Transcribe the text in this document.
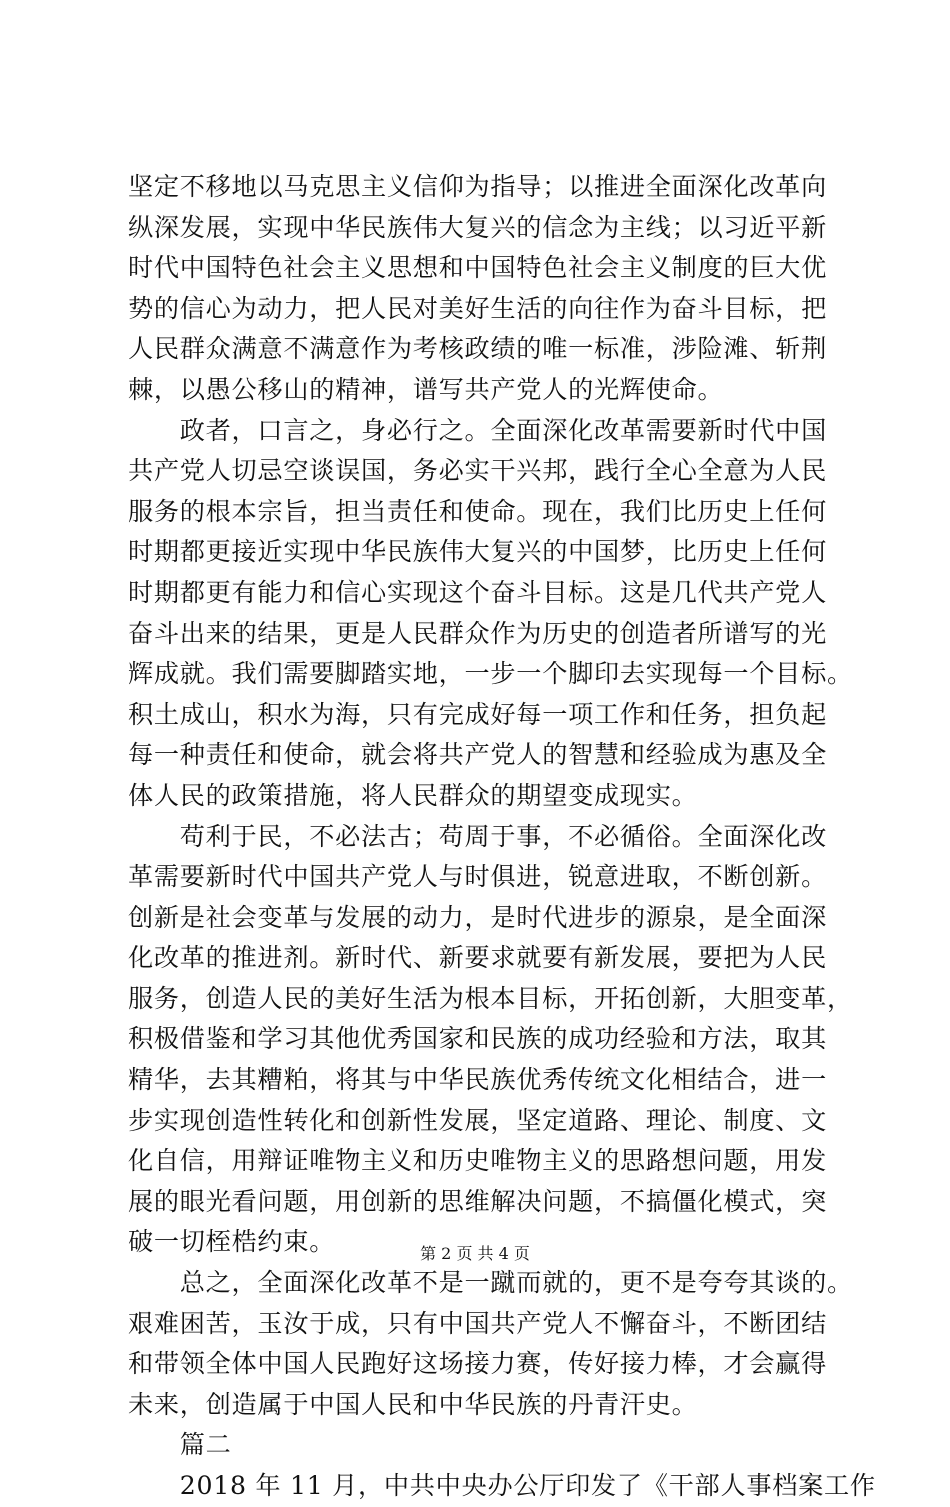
坚定不移地以马克思主义信仰为指导；以推进全面深化改革向
纵深发展，实现中华民族伟大复兴的信念为主线；以习近平新
时代中国特色社会主义思想和中国特色社会主义制度的巨大优
势的信心为动力，把人民对美好生活的向往作为奋斗目标，把
人民群众满意不满意作为考核政绩的唯一标准，涉险滩、斩荆
棘，以愚公移山的精神，谱写共产党人的光辉使命。
　　政者，口言之，身必行之。全面深化改革需要新时代中国
共产党人切忌空谈误国，务必实干兴邦，践行全心全意为人民
服务的根本宗旨，担当责任和使命。现在，我们比历史上任何
时期都更接近实现中华民族伟大复兴的中国梦，比历史上任何
时期都更有能力和信心实现这个奋斗目标。这是几代共产党人
奋斗出来的结果，更是人民群众作为历史的创造者所谱写的光
辉成就。我们需要脚踏实地，一步一个脚印去实现每一个目标。
积土成山，积水为海，只有完成好每一项工作和任务，担负起
每一种责任和使命，就会将共产党人的智慧和经验成为惠及全
体人民的政策措施，将人民群众的期望变成现实。
　　苟利于民，不必法古；苟周于事，不必循俗。全面深化改
革需要新时代中国共产党人与时俱进，锐意进取，不断创新。
创新是社会变革与发展的动力，是时代进步的源泉，是全面深
化改革的推进剂。新时代、新要求就要有新发展，要把为人民
服务，创造人民的美好生活为根本目标，开拓创新，大胆变革，
积极借鉴和学习其他优秀国家和民族的成功经验和方法，取其
精华，去其糟粕，将其与中华民族优秀传统文化相结合，进一
步实现创造性转化和创新性发展，坚定道路、理论、制度、文
化自信，用辩证唯物主义和历史唯物主义的思路想问题，用发
展的眼光看问题，用创新的思维解决问题，不搞僵化模式，突
破一切桎梏约束。
　　总之，全面深化改革不是一蹴而就的，更不是夸夸其谈的。
艰难困苦，玉汝于成，只有中国共产党人不懈奋斗，不断团结
和带领全体中国人民跑好这场接力赛，传好接力棒，才会赢得
未来，创造属于中国人民和中华民族的丹青汗史。
　　篇二
　　2018 年 11 月，中共中央办公厅印发了《干部人事档案工作
第 2 页 共 4 页
